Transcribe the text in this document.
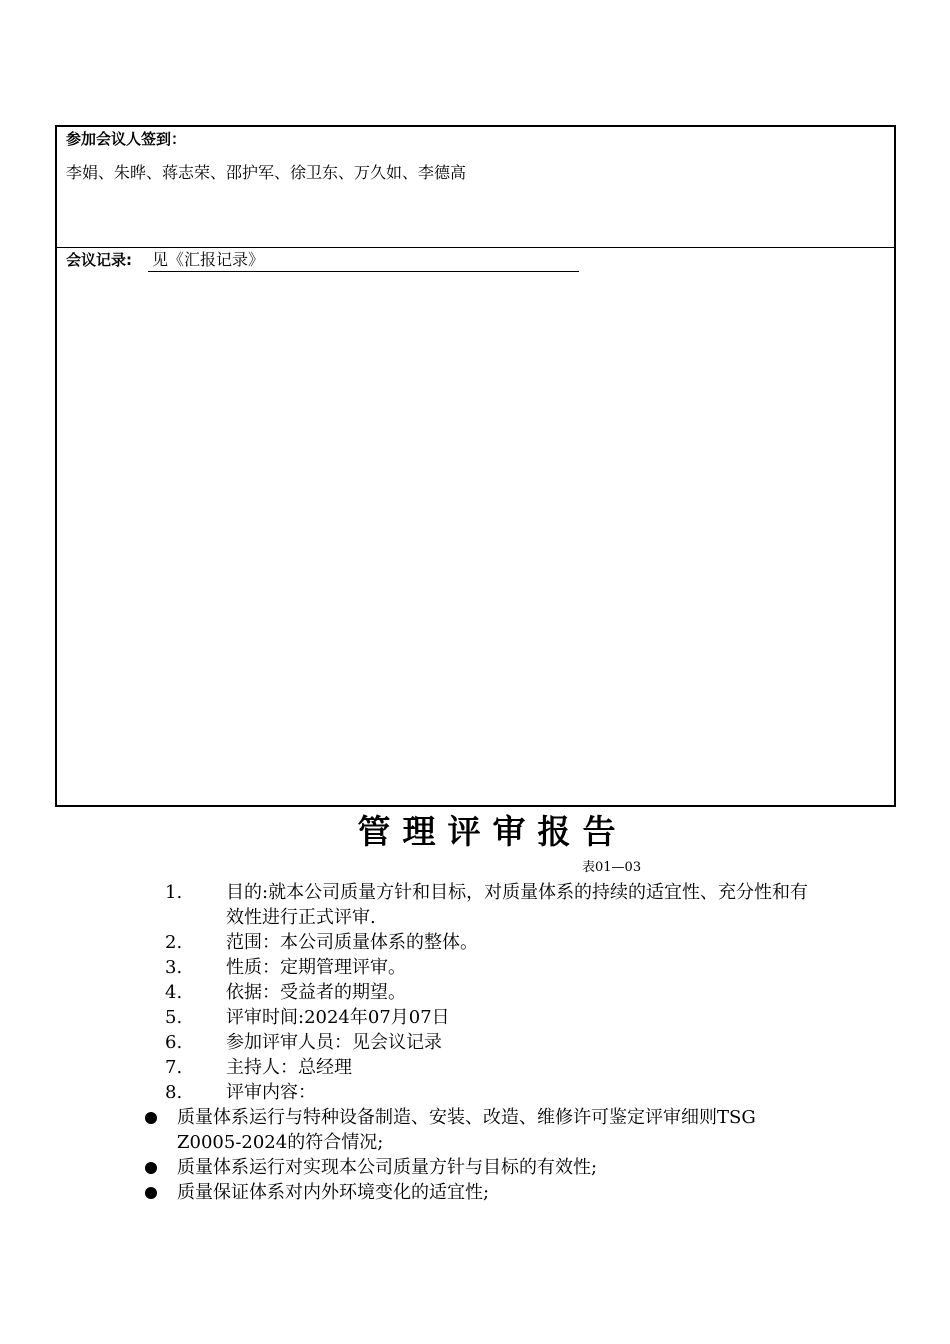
参加会议人签到：
李娟、朱晔、蒋志荣、邵护军、徐卫东、万久如、李德高
会议记录: 见《汇报记录》
管理评审报告
表01—03
1. 目的:就本公司质量方针和目标，对质量体系的持续的适宜性、充分性和有效性进行正式评审.
2. 范围：本公司质量体系的整体。
3. 性质：定期管理评审。
4. 依据：受益者的期望。
5. 评审时间:2024年07月07日
6. 参加评审人员：见会议记录
7. 主持人：总经理
8. 评审内容：
质量体系运行与特种设备制造、安装、改造、维修许可鉴定评审细则TSG Z0005-2024的符合情况;
质量体系运行对实现本公司质量方针与目标的有效性;
质量保证体系对内外环境变化的适宜性;
